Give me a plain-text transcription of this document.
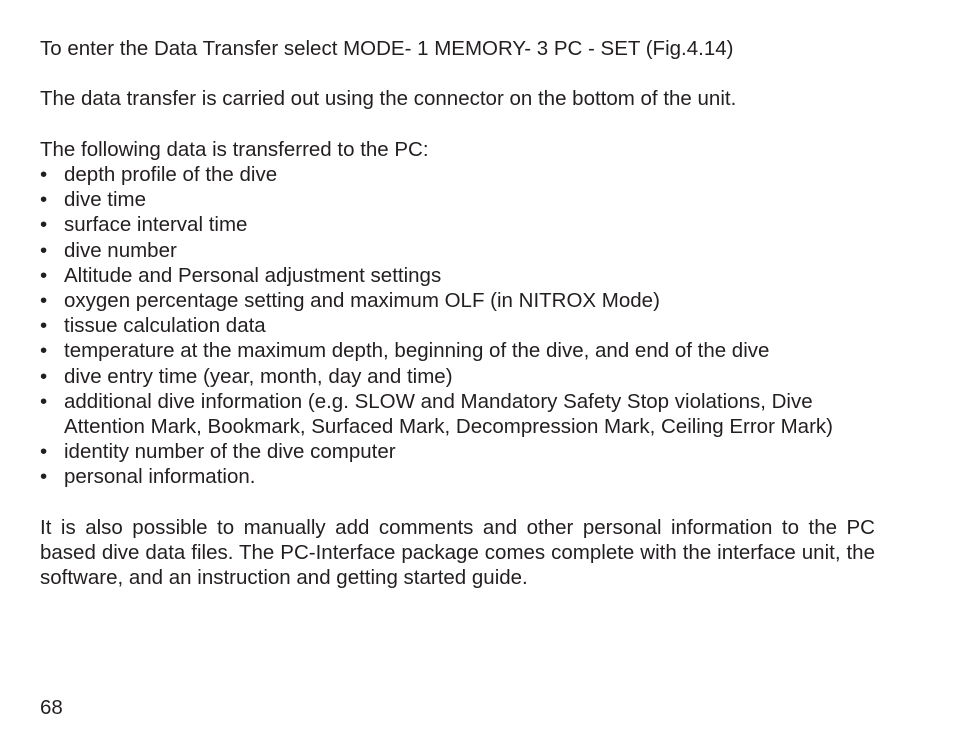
To enter the Data Transfer select MODE- 1 MEMORY- 3 PC - SET (Fig.4.14)

The data transfer is carried out using the connector on the bottom of the unit.

The following data is transferred to the PC:

• depth profile of the dive
• dive time
• surface interval time
• dive number
• Altitude and Personal adjustment settings
• oxygen percentage setting and maximum OLF (in NITROX Mode)
• tissue calculation data
• temperature at the maximum depth, beginning of the dive, and end of the dive
• dive entry time (year, month, day and time)
• additional dive information (e.g. SLOW and Mandatory Safety Stop violations, Dive Attention Mark, Bookmark, Surfaced Mark, Decompression Mark, Ceiling Error Mark)
• identity number of the dive computer
• personal information.

It is also possible to manually add comments and other personal information to the PC based dive data files. The PC-Interface package comes complete with the interface unit, the software, and an instruction and getting started guide.

68
